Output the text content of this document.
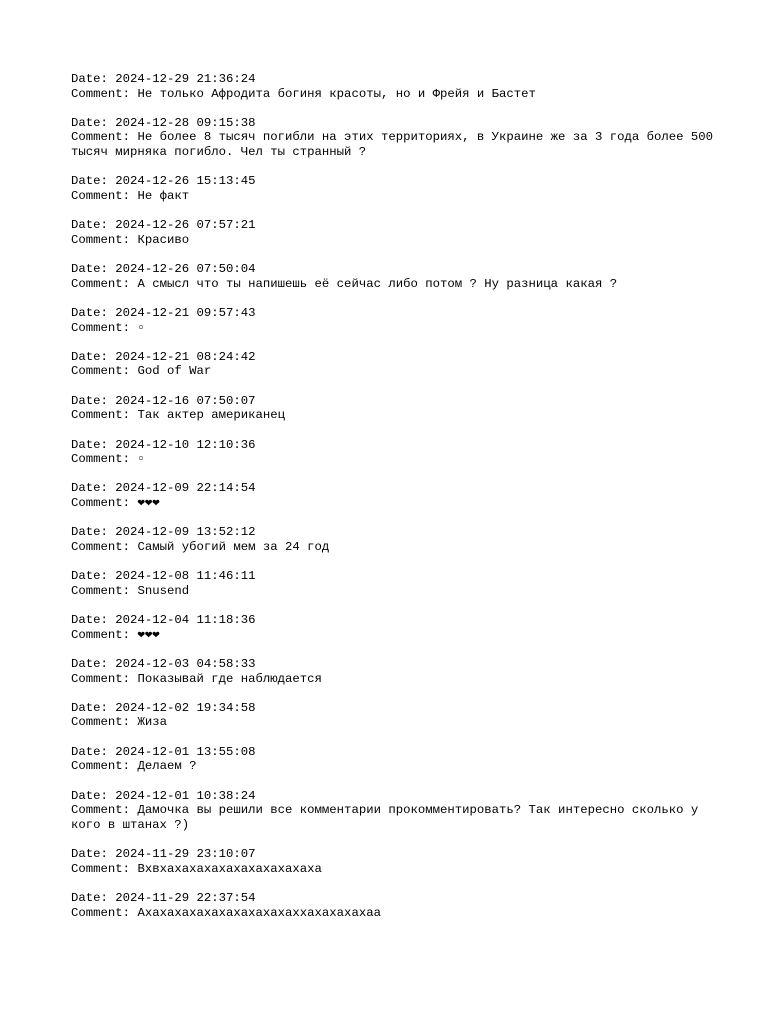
Date: 2024-12-29 21:36:24
Comment: Не только Афродита богиня красоты, но и Фрейя и Бастет
Date: 2024-12-28 09:15:38
Comment: Не более 8 тысяч погибли на этих территориях, в Украине же за 3 года более 500 тысяч мирняка погибло. Чел ты странный ?
Date: 2024-12-26 15:13:45
Comment: Не факт
Date: 2024-12-26 07:57:21
Comment: Красиво
Date: 2024-12-26 07:50:04
Comment: А смысл что ты напишешь её сейчас либо потом ? Ну разница какая ?
Date: 2024-12-21 09:57:43
Comment: ▫
Date: 2024-12-21 08:24:42
Comment: God of War
Date: 2024-12-16 07:50:07
Comment: Так актер американец
Date: 2024-12-10 12:10:36
Comment: ▫
Date: 2024-12-09 22:14:54
Comment: ❤❤❤
Date: 2024-12-09 13:52:12
Comment: Самый убогий мем за 24 год
Date: 2024-12-08 11:46:11
Comment: Snusend
Date: 2024-12-04 11:18:36
Comment: ❤❤❤
Date: 2024-12-03 04:58:33
Comment: Показывай где наблюдается
Date: 2024-12-02 19:34:58
Comment: Жиза
Date: 2024-12-01 13:55:08
Comment: Делаем ?
Date: 2024-12-01 10:38:24
Comment: Дамочка вы решили все комментарии прокомментировать? Так интересно сколько у кого в штанах ?)
Date: 2024-11-29 23:10:07
Comment: Вхвхахахахахахахахахахаха
Date: 2024-11-29 22:37:54
Comment: Ахахахахахахахахахахаххахахахахаа
